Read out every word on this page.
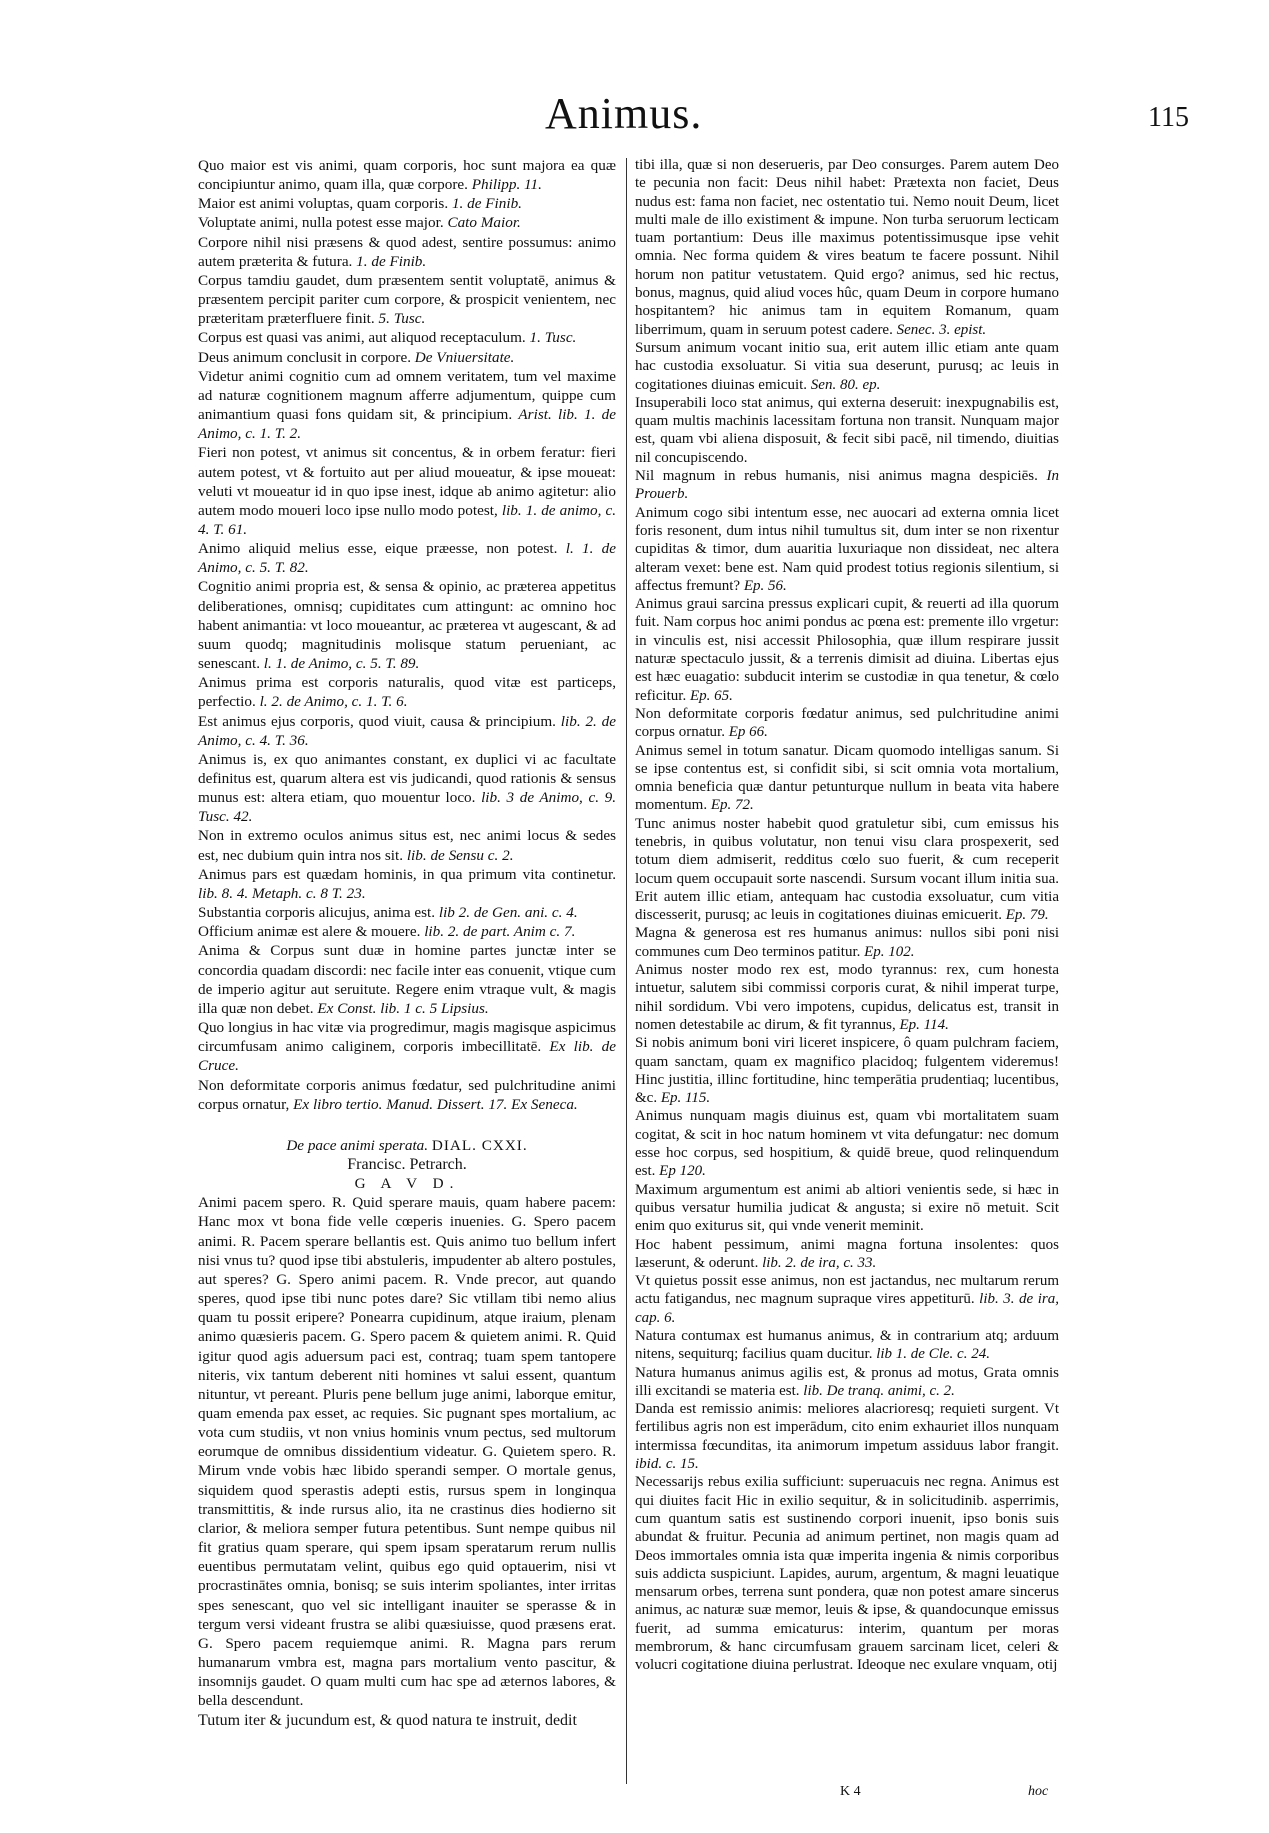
Animus.	115

Quo maior est vis animi, quam corporis, hoc sunt majora ea quæ concipiuntur animo, quam illa, quæ corpore. Philipp. 11.

Maior est animi voluptas, quam corporis. 1. de Finib.

Voluptate animi, nulla potest esse major. Cato Maior.

Corpore nihil nisi præsens & quod adest, sentire possumus: animo autem præterita & futura. 1. de Finib.

Corpus tamdiu gaudet, dum præsentem sentit voluptatē, animus & præsentem percipit pariter cum corpore, & prospicit venientem, nec præteritam præterfluere finit. 5. Tusc.

Corpus est quasi vas animi, aut aliquod receptaculum. 1. Tusc.

Deus animum conclusit in corpore. De Vniuersitate.

Videtur animi cognitio cum ad omnem veritatem, tum vel maxime ad naturæ cognitionem magnum afferre adjumentum, quippe cum animantium quasi fons quidam sit, & principium. Arist. lib. 1. de Animo, c. 1. T. 2.

Fieri non potest, vt animus sit concentus, & in orbem feratur: fieri autem potest, vt & fortuito aut per aliud moueatur, & ipse moueat: veluti vt moueatur id in quo ipse inest, idque ab animo agitetur: alio autem modo moueri loco ipse nullo modo potest, lib. 1. de animo, c. 4. T. 61.

Animo aliquid melius esse, eique præesse, non potest. l. 1. de Animo, c. 5. T. 82.

Cognitio animi propria est, & sensa & opinio, ac præterea appetitus deliberationes, omnisq; cupiditates cum attingunt: ac omnino hoc habent animantia: vt loco moueantur, ac præterea vt augescant, & ad suum quodq; magnitudinis molisque statum perueniant, ac senescant. l. 1. de Animo, c. 5. T. 89.

Animus prima est corporis naturalis, quod vitæ est particeps, perfectio. l. 2. de Animo, c. 1. T. 6.

Est animus ejus corporis, quod viuit, causa & principium. lib. 2. de Animo, c. 4. T. 36.

Animus is, ex quo animantes constant, ex duplici vi ac facultate definitus est, quarum altera est vis judicandi, quod rationis & sensus munus est: altera etiam, quo mouentur loco. lib. 3 de Animo, c. 9. Tusc. 42.

Non in extremo oculos animus situs est, nec animi locus & sedes est, nec dubium quin intra nos sit. lib. de Sensu c. 2.

Animus pars est quædam hominis, in qua primum vita continetur. lib. 8. 4. Metaph. c. 8 T. 23.

Substantia corporis alicujus, anima est. lib 2. de Gen. ani. c. 4.

Officium animæ est alere & mouere. lib. 2. de part. Anim c. 7.

Anima & Corpus sunt duæ in homine partes junctæ inter se concordia quadam discordi: nec facile inter eas conuenit, vtique cum de imperio agitur aut seruitute. Regere enim vtraque vult, & magis illa quæ non debet. Ex Const. lib. 1 c. 5 Lipsius.

Quo longius in hac vitæ via progredimur, magis magisque aspicimus circumfusam animo caliginem, corporis imbecillitatē. Ex lib. de Cruce.

Non deformitate corporis animus fœdatur, sed pulchritudine animi corpus ornatur, Ex libro tertio. Manud. Dissert. 17. Ex Seneca.

De pace animi sperata. DIAL. CXXI.

Francisc. Petrarch.

G A V D.

Animi pacem spero. R. Quid sperare mauis, quam habere pacem: Hanc mox vt bona fide velle cœperis inuenies. G. Spero pacem animi. R. Pacem sperare bellantis est. Quis animo tuo bellum infert nisi vnus tu? quod ipse tibi abstuleris, impudenter ab altero postules, aut speres? G. Spero animi pacem. R. Vnde precor, aut quando speres, quod ipse tibi nunc potes dare? Sic vtillam tibi nemo alius quam tu possit eripere? Ponearra cupidinum, atque iraium, plenam animo quæsieris pacem. G. Spero pacem & quietem animi. R. Quid igitur quod agis aduersum paci est, contraq; tuam spem tantopere niteris, vix tantum deberent niti homines vt salui essent, quantum nituntur, vt pereant. Pluris pene bellum juge animi, laborque emitur, quam emenda pax esset, ac requies. Sic pugnant spes mortalium, ac vota cum studiis, vt non vnius hominis vnum pectus, sed multorum eorumque de omnibus dissidentium videatur. G. Quietem spero. R. Mirum vnde vobis hæc libido sperandi semper. O mortale genus, siquidem quod sperastis adepti estis, rursus spem in longinqua transmittitis, & inde rursus alio, ita ne crastinus dies hodierno sit clarior, & meliora semper futura petentibus. Sunt nempe quibus nil fit gratius quam sperare, qui spem ipsam speratarum rerum nullis euentibus permutatam velint, quibus ego quid optauerim, nisi vt procrastinātes omnia, bonisq; se suis interim spoliantes, inter irritas spes senescant, quo vel sic intelligant inauiter se sperasse & in tergum versi videant frustra se alibi quæsiuisse, quod præsens erat. G. Spero pacem requiemque animi. R. Magna pars rerum humanarum vmbra est, magna pars mortalium vento pascitur, & insomnijs gaudet. O quam multi cum hac spe ad æternos labores, & bella descendunt.

Tutum iter & jucundum est, & quod natura te instruit, dedit

tibi illa, quæ si non deserueris, par Deo consurges. Parem autem Deo te pecunia non facit: Deus nihil habet: Prætexta non faciet, Deus nudus est: fama non faciet, nec ostentatio tui. Nemo nouit Deum, licet multi male de illo existiment & impune. Non turba seruorum lecticam tuam portantium: Deus ille maximus potentissimusque ipse vehit omnia. Nec forma quidem & vires beatum te facere possunt. Nihil horum non patitur vetustatem. Quid ergo? animus, sed hic rectus, bonus, magnus, quid aliud voces hûc, quam Deum in corpore humano hospitantem? hic animus tam in equitem Romanum, quam liberrimum, quam in seruum potest cadere. Senec. 3. epist.

Sursum animum vocant initio sua, erit autem illic etiam ante quam hac custodia exsoluatur. Si vitia sua deserunt, purusq; ac leuis in cogitationes diuinas emicuit. Sen. 80. ep.

Insuperabili loco stat animus, qui externa deseruit: inexpugnabilis est, quam multis machinis lacessitam fortuna non transit. Nunquam major est, quam vbi aliena disposuit, & fecit sibi pacē, nil timendo, diuitias nil concupiscendo.

Nil magnum in rebus humanis, nisi animus magna despiciēs. In Prouerb.

Animum cogo sibi intentum esse, nec auocari ad externa omnia licet foris resonent, dum intus nihil tumultus sit, dum inter se non rixentur cupiditas & timor, dum auaritia luxuriaque non dissideat, nec altera alteram vexet: bene est. Nam quid prodest totius regionis silentium, si affectus fremunt? Ep. 56.

Animus graui sarcina pressus explicari cupit, & reuerti ad illa quorum fuit. Nam corpus hoc animi pondus ac pœna est: premente illo vrgetur: in vinculis est, nisi accessit Philosophia, quæ illum respirare jussit naturæ spectaculo jussit, & a terrenis dimisit ad diuina. Libertas ejus est hæc euagatio: subducit interim se custodiæ in qua tenetur, & cœlo reficitur. Ep. 65.

Non deformitate corporis fœdatur animus, sed pulchritudine animi corpus ornatur. Ep 66.

Animus semel in totum sanatur. Dicam quomodo intelligas sanum. Si se ipse contentus est, si confidit sibi, si scit omnia vota mortalium, omnia beneficia quæ dantur petunturque nullum in beata vita habere momentum. Ep. 72.

Tunc animus noster habebit quod gratuletur sibi, cum emissus his tenebris, in quibus volutatur, non tenui visu clara prospexerit, sed totum diem admiserit, redditus cœlo suo fuerit, & cum receperit locum quem occupauit sorte nascendi. Sursum vocant illum initia sua. Erit autem illic etiam, antequam hac custodia exsoluatur, cum vitia discesserit, purusq; ac leuis in cogitationes diuinas emicuerit. Ep. 79.

Magna & generosa est res humanus animus: nullos sibi poni nisi communes cum Deo terminos patitur. Ep. 102.

Animus noster modo rex est, modo tyrannus: rex, cum honesta intuetur, salutem sibi commissi corporis curat, & nihil imperat turpe, nihil sordidum. Vbi vero impotens, cupidus, delicatus est, transit in nomen detestabile ac dirum, & fit tyrannus, Ep. 114.

Si nobis animum boni viri liceret inspicere, ô quam pulchram faciem, quam sanctam, quam ex magnifico placidoq; fulgentem videremus! Hinc justitia, illinc fortitudine, hinc temperātia prudentiaq; lucentibus, &c. Ep. 115.

Animus nunquam magis diuinus est, quam vbi mortalitatem suam cogitat, & scit in hoc natum hominem vt vita defungatur: nec domum esse hoc corpus, sed hospitium, & quidē breue, quod relinquendum est. Ep 120.

Maximum argumentum est animi ab altiori venientis sede, si hæc in quibus versatur humilia judicat & angusta; si exire nō metuit. Scit enim quo exiturus sit, qui vnde venerit meminit.

Hoc habent pessimum, animi magna fortuna insolentes: quos læserunt, & oderunt. lib. 2. de ira, c. 33.

Vt quietus possit esse animus, non est jactandus, nec multarum rerum actu fatigandus, nec magnum supraque vires appetiturū. lib. 3. de ira, cap. 6.

Natura contumax est humanus animus, & in contrarium atq; arduum nitens, sequiturq; facilius quam ducitur. lib 1. de Cle. c. 24.

Natura humanus animus agilis est, & pronus ad motus, Grata omnis illi excitandi se materia est. lib. De tranq. animi, c. 2.

Danda est remissio animis: meliores alacrioresq; requieti surgent. Vt fertilibus agris non est imperādum, cito enim exhauriet illos nunquam intermissa fœcunditas, ita animorum impetum assiduus labor frangit. ibid. c. 15.

Necessarijs rebus exilia sufficiunt: superuacuis nec regna. Animus est qui diuites facit Hic in exilio sequitur, & in solicitudinib. asperrimis, cum quantum satis est sustinendo corpori inuenit, ipso bonis suis abundat & fruitur. Pecunia ad animum pertinet, non magis quam ad Deos immortales omnia ista quæ imperita ingenia & nimis corporibus suis addicta suspiciunt. Lapides, aurum, argentum, & magni leuatique mensarum orbes, terrena sunt pondera, quæ non potest amare sincerus animus, ac naturæ suæ memor, leuis & ipse, & quandocunque emissus fuerit, ad summa emicaturus: interim, quantum per moras membrorum, & hanc circumfusam grauem sarcinam licet, celeri & volucri cogitatione diuina perlustrat. Ideoque nec exulare vnquam, otij

K 4	hoc
